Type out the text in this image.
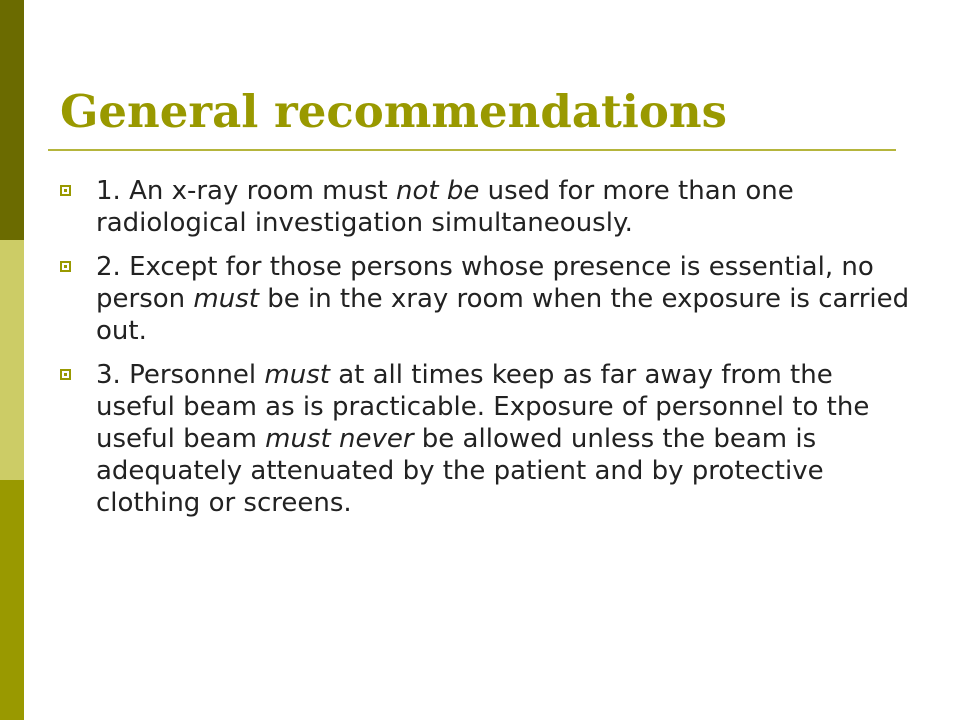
General recommendations
1. An x-ray room must not be used for more than one radiological investigation simultaneously.
2. Except for those persons whose presence is essential, no person must be in the xray room when the exposure is carried out.
3. Personnel must at all times keep as far away from the useful beam as is practicable. Exposure of personnel to the useful beam must never be allowed unless the beam is adequately attenuated by the patient and by protective clothing or screens.
